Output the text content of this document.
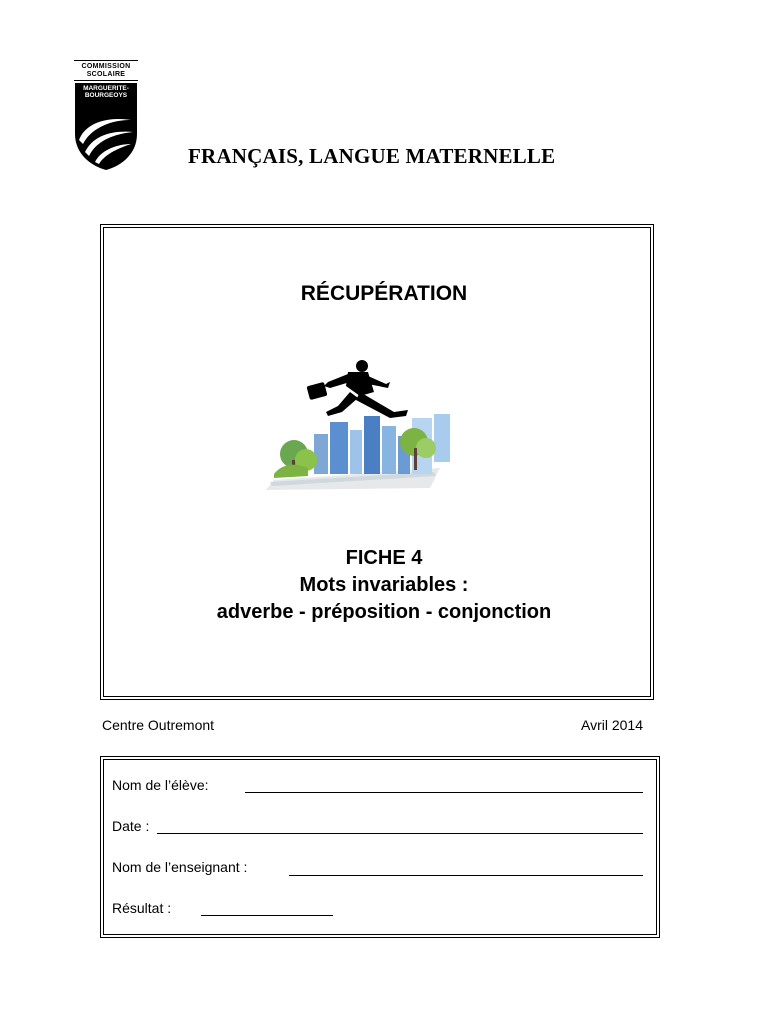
COMMISSION
SCOLAIRE
MARGUERITE-
BOURGEOYS
FRANÇAIS, LANGUE MATERNELLE
RÉCUPÉRATION
FICHE 4
Mots invariables :
adverbe - préposition - conjonction
Centre Outremont	Avril 2014
Nom de l’élève:
Date :
Nom de l’enseignant :
Résultat :
